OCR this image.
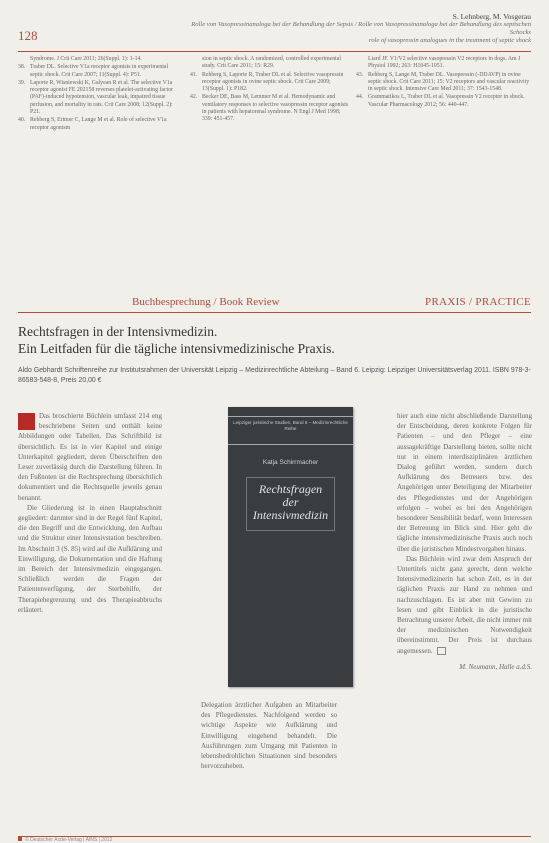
128
S. Lehnberg, M. Vosgerau
Rolle von Vasopressinanaloga bei der Behandlung der Sepsis / Rolle von Vasopressinanaloga bei der Behandlung des septischen Schocks
role of vasopressin analogues in the treatment of septic shock
Syndrome. J Crit Care 2011; 26(Suppl. 1): 1-14.
38. Traber DL. Selective V1a receptor agonists in experimental septic shock. Crit Care 2007; 11(Suppl. 4): P51.
39. Laporte R, Wisniewski K, Galyean R et al. The selective V1a receptor agonist FE 202158 reverses platelet-activating factor (PAF)-induced hypotension, vascular leak, impaired tissue perfusion, and mortality in rats. Crit Care 2008; 12(Suppl. 2): P21.
40. Rehberg S, Ertmer C, Lange M et al. Role of selective V1a receptor agonism
sion in septic shock. A randomized, controlled experimental study. Crit Care 2011; 15: R29.
41. Rehberg S, Laporte R, Traber DL et al. Selective vasopressin receptor agonists in ovine septic shock. Crit Care 2009; 13(Suppl. 1): P182.
42. Becker DE, Bass M, Lemmer M et al. Hemodynamic and ventilatory responses to selective vasopressin receptor agonists in patients with hepatorenal syndrome. N Engl J Med 1998; 339: 451-457.
Liard JF. V1/V2 selective vasopressin V2 receptors in dogs. Am J Physiol 1992; 263: H1045-1051.
43. Rehberg S, Lange M, Traber DL. Vasopressin (-DDAVP) in ovine septic shock. Crit Care 2011; 15: V2 receptors and vascular reactivity in septic shock. Intensive Care Med 2011; 37: 1543-1548.
44. Grammatikos L, Traber DL et al. Vasopressin V2 receptor in shock. Vascular Pharmacology 2012; 56: 440-447.
Buchbesprechung / Book Review	PRAXIS / PRACTICE
Rechtsfragen in der Intensivmedizin.
Ein Leitfaden für die tägliche intensivmedizinische Praxis.
Aldo Gebhardt Schriftenreihe zur Institutsrahmen der Universität Leipzig – Medizinrechtliche Abteilung – Band 6. Leipzig: Leipziger Universitätsverlag 2011. ISBN 978-3-86583-548-8, Preis 20,00 €

Das broschierte Büchlein umfasst 214 eng beschriebene Seiten und enthält keine Abbildungen oder Tabellen. Das Schriftbild ist übersichtlich. Es ist in vier Kapitel und einige Unterkapitel gegliedert, deren Überschriften den Leser zuverlässig durch die Darstellung führen. In den Fußnoten ist die Rechtsprechung übersichtlich dokumentiert und die Rechtsquelle jeweils genau benannt.

Die Gliederung ist in einen Hauptabschnitt gegliedert: darunter sind in der Regel fünf Kapitel, die den Begriff und die Entwicklung, den Aufbau und die Struktur einer Intensivstation beschreiben. Im Abschnitt 3 (S. 85) wird auf die Aufklärung und Einwilligung, die Dokumentation und die Haftung im Bereich der Intensivmedizin eingegangen. Schließlich werden die Fragen der Patientenverfügung, der Sterbehilfe, der Therapiebegrenzung und des Therapieabbruchs erläutert.

Leipziger juristische Studien, Band 6 – Medizinrechtliche Reihe
Katja Schirrmacher
Rechtsfragen
der
Intensivmedizin

Delegation ärztlicher Aufgaben an Mitarbeiter des Pflegedienstes. Nachfolgend werden so wichtige Aspekte wie Aufklärung und Einwilligung eingehend behandelt. Die Ausführungen zum Umgang mit Patienten in lebensbedrohlichen Situationen sind besonders hervorzuheben.

hier auch eine nicht abschließende Darstellung der Entscheidung, deren konkrete Folgen für Patienten – und den Pfleger – eine aussagekräftige Darstellung bieten, sollte nicht nur in einem interdisziplinären ärztlichen Dialog geführt werden, sondern durch Aufklärung des Betreuers bzw. des Angehörigen unter Beteiligung der Mitarbeiter des Pflegedienstes und der Angehörigen erfolgen – wobei es bei den Angehörigen besonderer Sensibilität bedarf, wenn Interessen der Betreuung im Blick sind. Hier geht die tägliche intensivmedizinische Praxis auch noch über die juristischen Mindestvorgaben hinaus.

Das Büchlein wird zwar dem Anspruch der Untertitels nicht ganz gerecht, denn welche Intensivmedizinerin hat schon Zeit, es in der täglichen Praxis zur Hand zu nehmen und nachzuschlagen. Es ist aber mit Gewinn zu lesen und gibt Einblick in die juristische Betrachtung unserer Arbeit, die nicht immer mit der medizinischen Notwendigkeit übereinstimmt. Der Preis ist durchaus angemessen.

M. Neumann, Halle a.d.S.
© Deutscher Ärzte-Verlag | AINS | 2012
